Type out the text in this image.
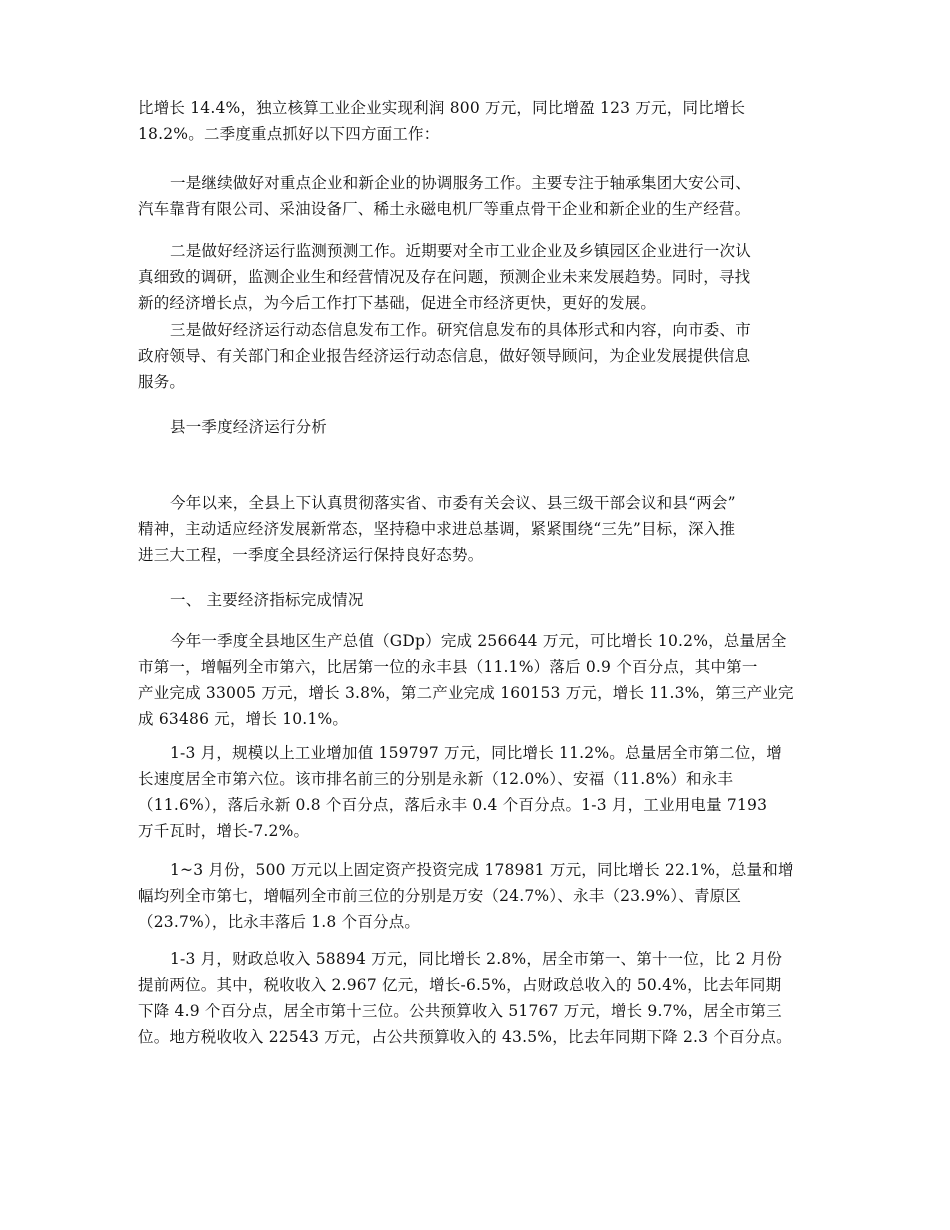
比增长 14.4%，独立核算工业企业实现利润 800 万元，同比增盈 123 万元，同比增长
18.2%。二季度重点抓好以下四方面工作：
一是继续做好对重点企业和新企业的协调服务工作。主要专注于轴承集团大安公司、
汽车靠背有限公司、采油设备厂、稀土永磁电机厂等重点骨干企业和新企业的生产经营。
二是做好经济运行监测预测工作。近期要对全市工业企业及乡镇园区企业进行一次认
真细致的调研，监测企业生和经营情况及存在问题，预测企业未来发展趋势。同时，寻找
新的经济增长点，为今后工作打下基础，促进全市经济更快，更好的发展。
三是做好经济运行动态信息发布工作。研究信息发布的具体形式和内容，向市委、市
政府领导、有关部门和企业报告经济运行动态信息，做好领导顾问，为企业发展提供信息
服务。
县一季度经济运行分析
今年以来，全县上下认真贯彻落实省、市委有关会议、县三级干部会议和县“两会”
精神，主动适应经济发展新常态，坚持稳中求进总基调，紧紧围绕“三先”目标，深入推
进三大工程，一季度全县经济运行保持良好态势。
一、 主要经济指标完成情况
今年一季度全县地区生产总值（GDp）完成 256644 万元，可比增长 10.2%，总量居全
市第一，增幅列全市第六，比居第一位的永丰县（11.1%）落后 0.9 个百分点，其中第一
产业完成 33005 万元，增长 3.8%，第二产业完成 160153 万元，增长 11.3%，第三产业完
成 63486 元，增长 10.1%。
1-3 月，规模以上工业增加值 159797 万元，同比增长 11.2%。总量居全市第二位，增
长速度居全市第六位。该市排名前三的分别是永新（12.0%）、安福（11.8%）和永丰
（11.6%），落后永新 0.8 个百分点，落后永丰 0.4 个百分点。1-3 月，工业用电量 7193
万千瓦时，增长-7.2%。
1~3 月份，500 万元以上固定资产投资完成 178981 万元，同比增长 22.1%，总量和增
幅均列全市第七，增幅列全市前三位的分别是万安（24.7%）、永丰（23.9%）、青原区
（23.7%），比永丰落后 1.8 个百分点。
1-3 月，财政总收入 58894 万元，同比增长 2.8%，居全市第一、第十一位，比 2 月份
提前两位。其中，税收收入 2.967 亿元，增长-6.5%，占财政总收入的 50.4%，比去年同期
下降 4.9 个百分点，居全市第十三位。公共预算收入 51767 万元，增长 9.7%，居全市第三
位。地方税收收入 22543 万元，占公共预算收入的 43.5%，比去年同期下降 2.3 个百分点。
